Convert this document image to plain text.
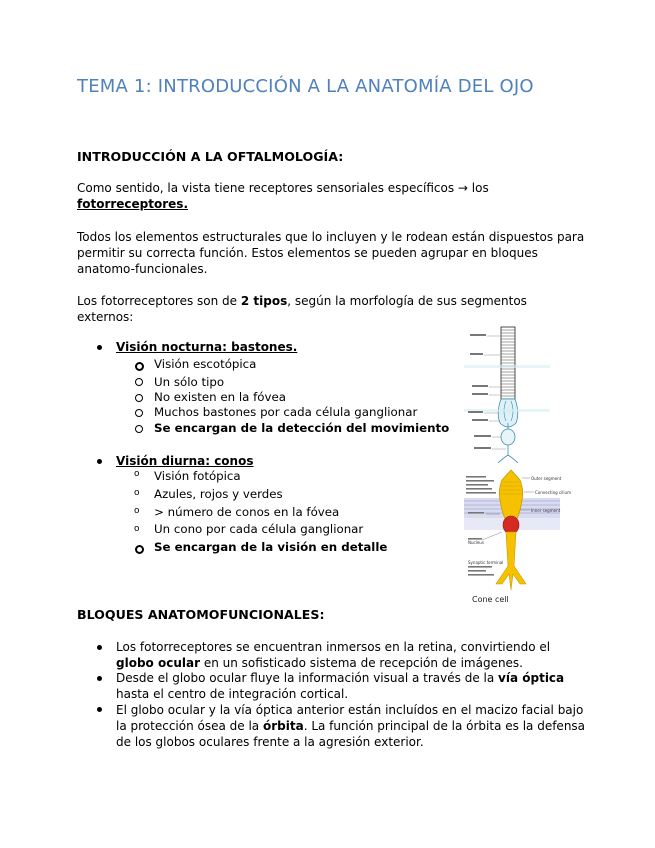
TEMA 1: INTRODUCCIÓN A LA ANATOMÍA DEL OJO
INTRODUCCIÓN A LA OFTALMOLOGÍA:
Como sentido, la vista tiene receptores sensoriales específicos → los
fotorreceptores.
Todos los elementos estructurales que lo incluyen y le rodean están dispuestos para
permitir su correcta función. Estos elementos se pueden agrupar en bloques
anatomo-funcionales.
Los fotorreceptores son de 2 tipos, según la morfología de sus segmentos
externos:
Visión nocturna: bastones.
Visión escotópica
Un sólo tipo
No existen en la fóvea
Muchos bastones por cada célula ganglionar
Se encargan de la detección del movimiento
Visión diurna: conos
o Visión fotópica
o Azules, rojos y verdes
o > número de conos en la fóvea
o Un cono por cada célula ganglionar
Se encargan de la visión en detalle
Outer segment
Connecting cilium
Inner segment
Nucleus
Synaptic terminal
Cone cell
BLOQUES ANATOMOFUNCIONALES:
Los fotorreceptores se encuentran inmersos en la retina, convirtiendo el
globo ocular en un sofisticado sistema de recepción de imágenes.
Desde el globo ocular fluye la información visual a través de la vía óptica
hasta el centro de integración cortical.
El globo ocular y la vía óptica anterior están incluídos en el macizo facial bajo
la protección ósea de la órbita. La función principal de la órbita es la defensa
de los globos oculares frente a la agresión exterior.
